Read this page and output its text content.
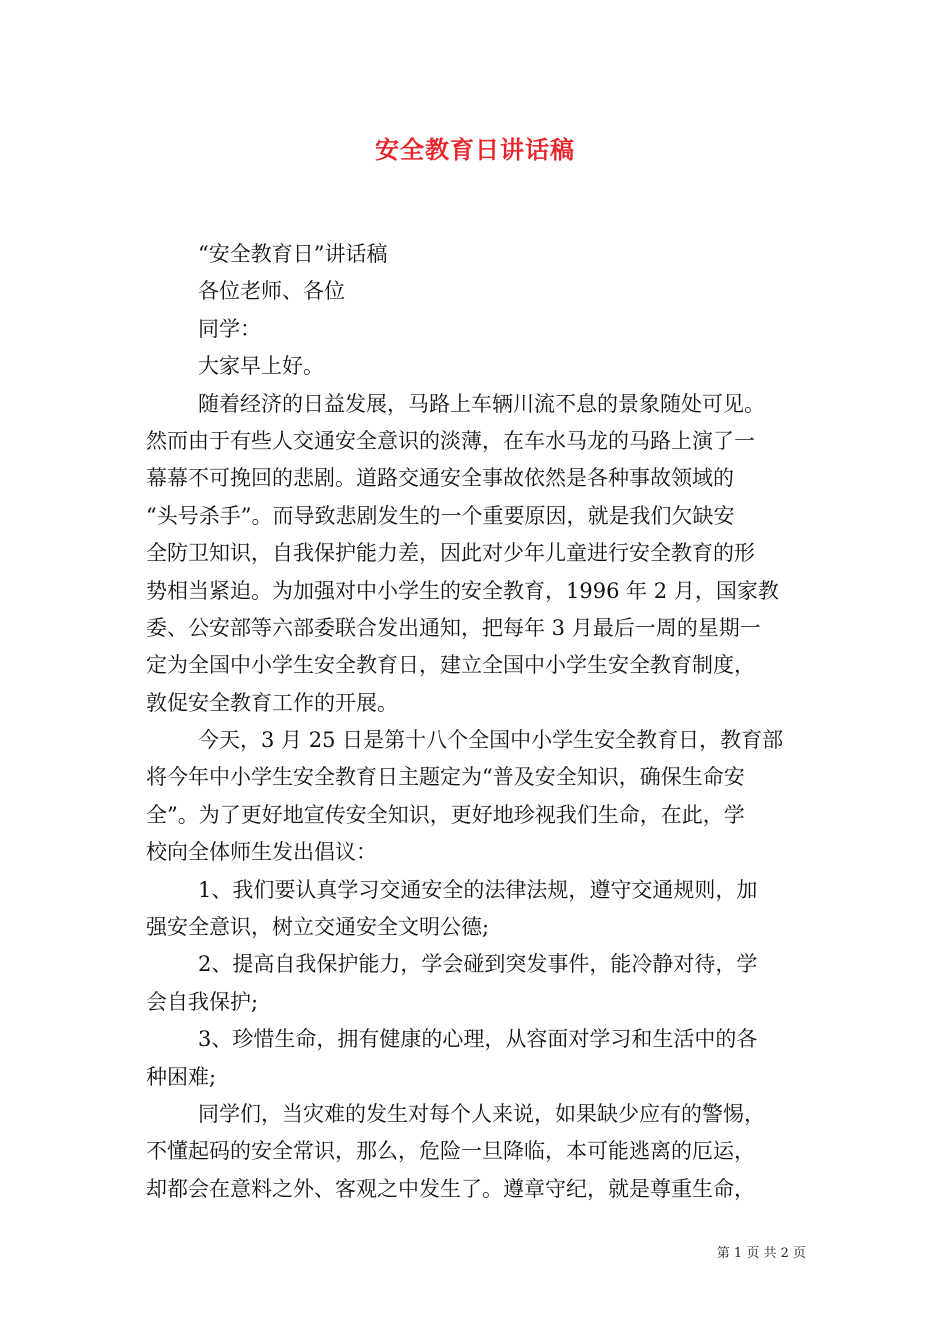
安全教育日讲话稿
“安全教育日”讲话稿
各位老师、各位
同学：
大家早上好。
随着经济的日益发展，马路上车辆川流不息的景象随处可见。
然而由于有些人交通安全意识的淡薄，在车水马龙的马路上演了一
幕幕不可挽回的悲剧。道路交通安全事故依然是各种事故领域的
“头号杀手”。而导致悲剧发生的一个重要原因，就是我们欠缺安
全防卫知识，自我保护能力差，因此对少年儿童进行安全教育的形
势相当紧迫。为加强对中小学生的安全教育，1996 年 2 月，国家教
委、公安部等六部委联合发出通知，把每年 3 月最后一周的星期一
定为全国中小学生安全教育日，建立全国中小学生安全教育制度，
敦促安全教育工作的开展。
今天，3 月 25 日是第十八个全国中小学生安全教育日，教育部
将今年中小学生安全教育日主题定为“普及安全知识，确保生命安
全”。为了更好地宣传安全知识，更好地珍视我们生命，在此，学
校向全体师生发出倡议：
1、我们要认真学习交通安全的法律法规，遵守交通规则，加
强安全意识，树立交通安全文明公德;
2、提高自我保护能力，学会碰到突发事件，能冷静对待，学
会自我保护;
3、珍惜生命，拥有健康的心理，从容面对学习和生活中的各
种困难;
同学们，当灾难的发生对每个人来说，如果缺少应有的警惕，
不懂起码的安全常识，那么，危险一旦降临，本可能逃离的厄运，
却都会在意料之外、客观之中发生了。遵章守纪，就是尊重生命，
第 1 页 共 2 页
